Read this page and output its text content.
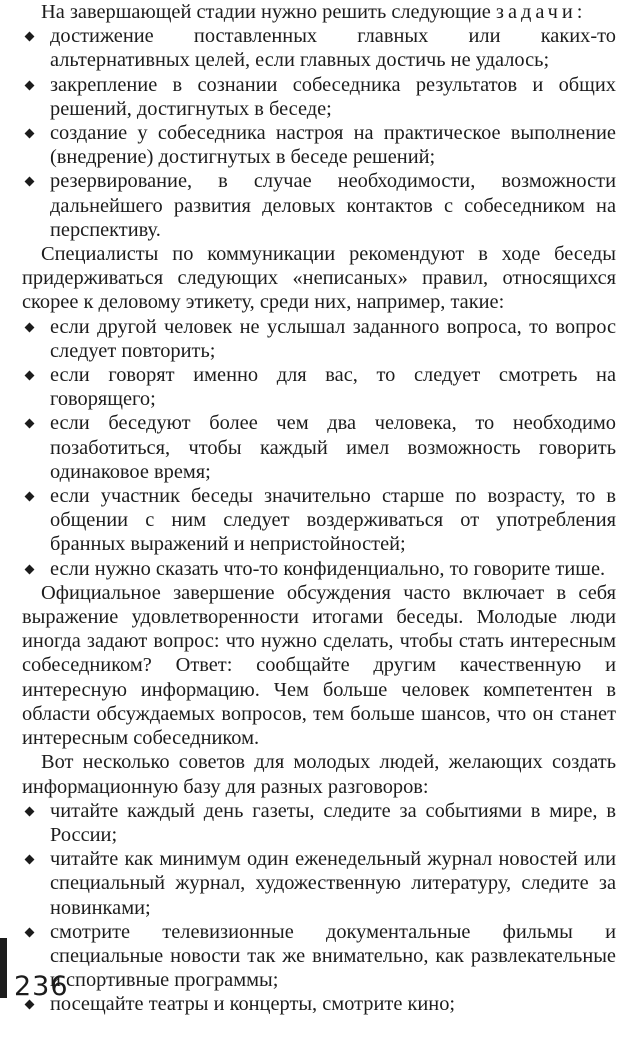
На завершающей стадии нужно решить следующие задачи:

достижение поставленных главных или каких-то альтернативных целей, если главных достичь не удалось;

закрепление в сознании собеседника результатов и общих решений, достигнутых в беседе;

создание у собеседника настроя на практическое выполнение (внедрение) достигнутых в беседе решений;

резервирование, в случае необходимости, возможности дальнейшего развития деловых контактов с собеседником на перспективу.

Специалисты по коммуникации рекомендуют в ходе беседы придерживаться следующих «неписаных» правил, относящихся скорее к деловому этикету, среди них, например, такие:

если другой человек не услышал заданного вопроса, то вопрос следует повторить;

если говорят именно для вас, то следует смотреть на говорящего;

если беседуют более чем два человека, то необходимо позаботиться, чтобы каждый имел возможность говорить одинаковое время;

если участник беседы значительно старше по возрасту, то в общении с ним следует воздерживаться от употребления бранных выражений и непристойностей;

если нужно сказать что-то конфиденциально, то говорите тише.

Официальное завершение обсуждения часто включает в себя выражение удовлетворенности итогами беседы. Молодые люди иногда задают вопрос: что нужно сделать, чтобы стать интересным собеседником? Ответ: сообщайте другим качественную и интересную информацию. Чем больше человек компетентен в области обсуждаемых вопросов, тем больше шансов, что он станет интересным собеседником.

Вот несколько советов для молодых людей, желающих создать информационную базу для разных разговоров:

читайте каждый день газеты, следите за событиями в мире, в России;

читайте как минимум один еженедельный журнал новостей или специальный журнал, художественную литературу, следите за новинками;

смотрите телевизионные документальные фильмы и специальные новости так же внимательно, как развлекательные и спортивные программы;

посещайте театры и концерты, смотрите кино;

236
